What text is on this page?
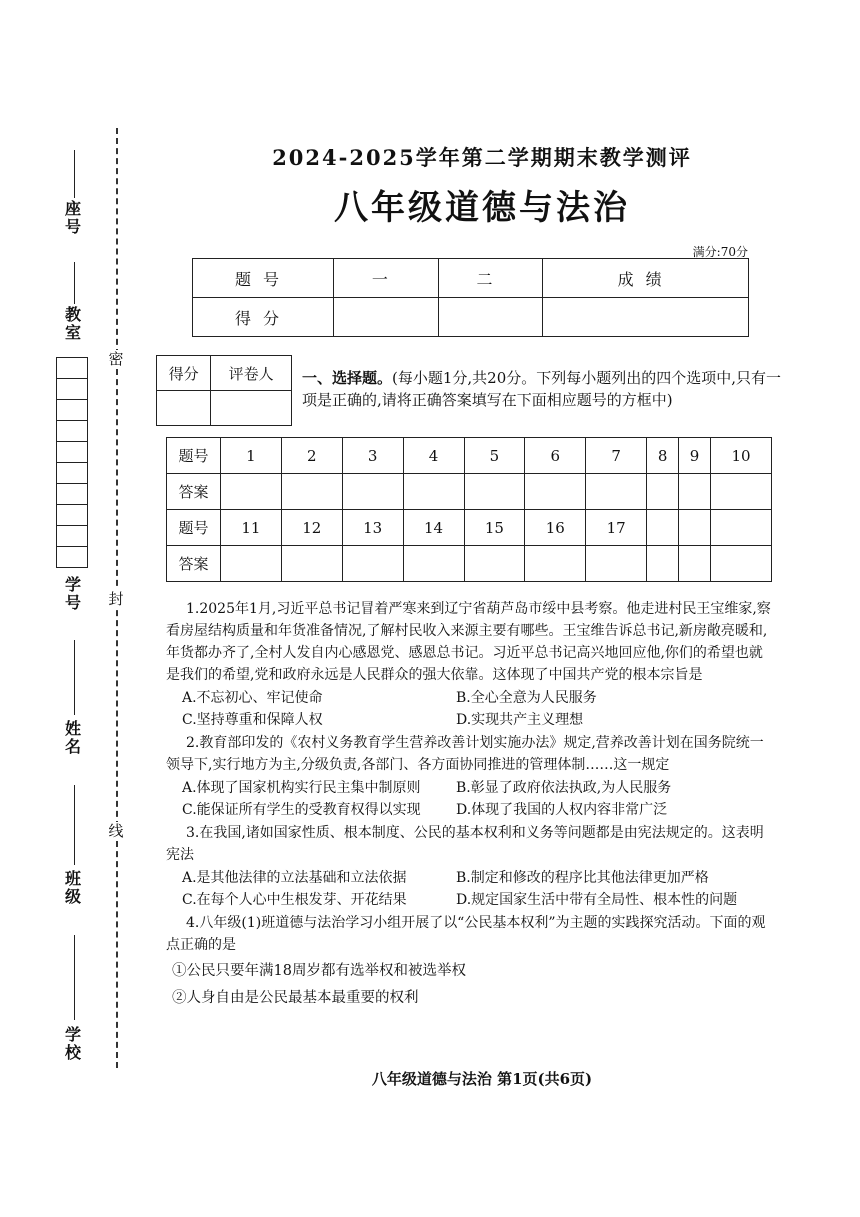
密
封
线
座号
教室
学号
姓名
班级
学校
2024-2025学年第二学期期末教学测评
八年级道德与法治
满分:70分
题号	一	二	成绩
得分			
得分	评卷人
	一、选择题。(每小题1分,共20分。下列每小题列出的四个选项中,只有一项是正确的,请将正确答案填写在下面相应题号的方框中)
题号	1	2	3	4	5	6	7	8	9	10
答案										
题号	11	12	13	14	15	16	17			
答案										

1.2025年1月,习近平总书记冒着严寒来到辽宁省葫芦岛市绥中县考察。他走进村民王宝维家,察看房屋结构质量和年货准备情况,了解村民收入来源主要有哪些。王宝维告诉总书记,新房敞亮暖和,年货都办齐了,全村人发自内心感恩党、感恩总书记。习近平总书记高兴地回应他,你们的希望也就是我们的希望,党和政府永远是人民群众的强大依靠。这体现了中国共产党的根本宗旨是

A.不忘初心、牢记使命	B.全心全意为人民服务
C.坚持尊重和保障人权	D.实现共产主义理想

2.教育部印发的《农村义务教育学生营养改善计划实施办法》规定,营养改善计划在国务院统一领导下,实行地方为主,分级负责,各部门、各方面协同推进的管理体制……这一规定

A.体现了国家机构实行民主集中制原则	B.彰显了政府依法执政,为人民服务
C.能保证所有学生的受教育权得以实现	D.体现了我国的人权内容非常广泛

3.在我国,诸如国家性质、根本制度、公民的基本权利和义务等问题都是由宪法规定的。这表明宪法

A.是其他法律的立法基础和立法依据	B.制定和修改的程序比其他法律更加严格
C.在每个人心中生根发芽、开花结果	D.规定国家生活中带有全局性、根本性的问题

4.八年级(1)班道德与法治学习小组开展了以“公民基本权利”为主题的实践探究活动。下面的观点正确的是

①公民只要年满18周岁都有选举权和被选举权
②人身自由是公民最基本最重要的权利
八年级道德与法治 第1页(共6页)
